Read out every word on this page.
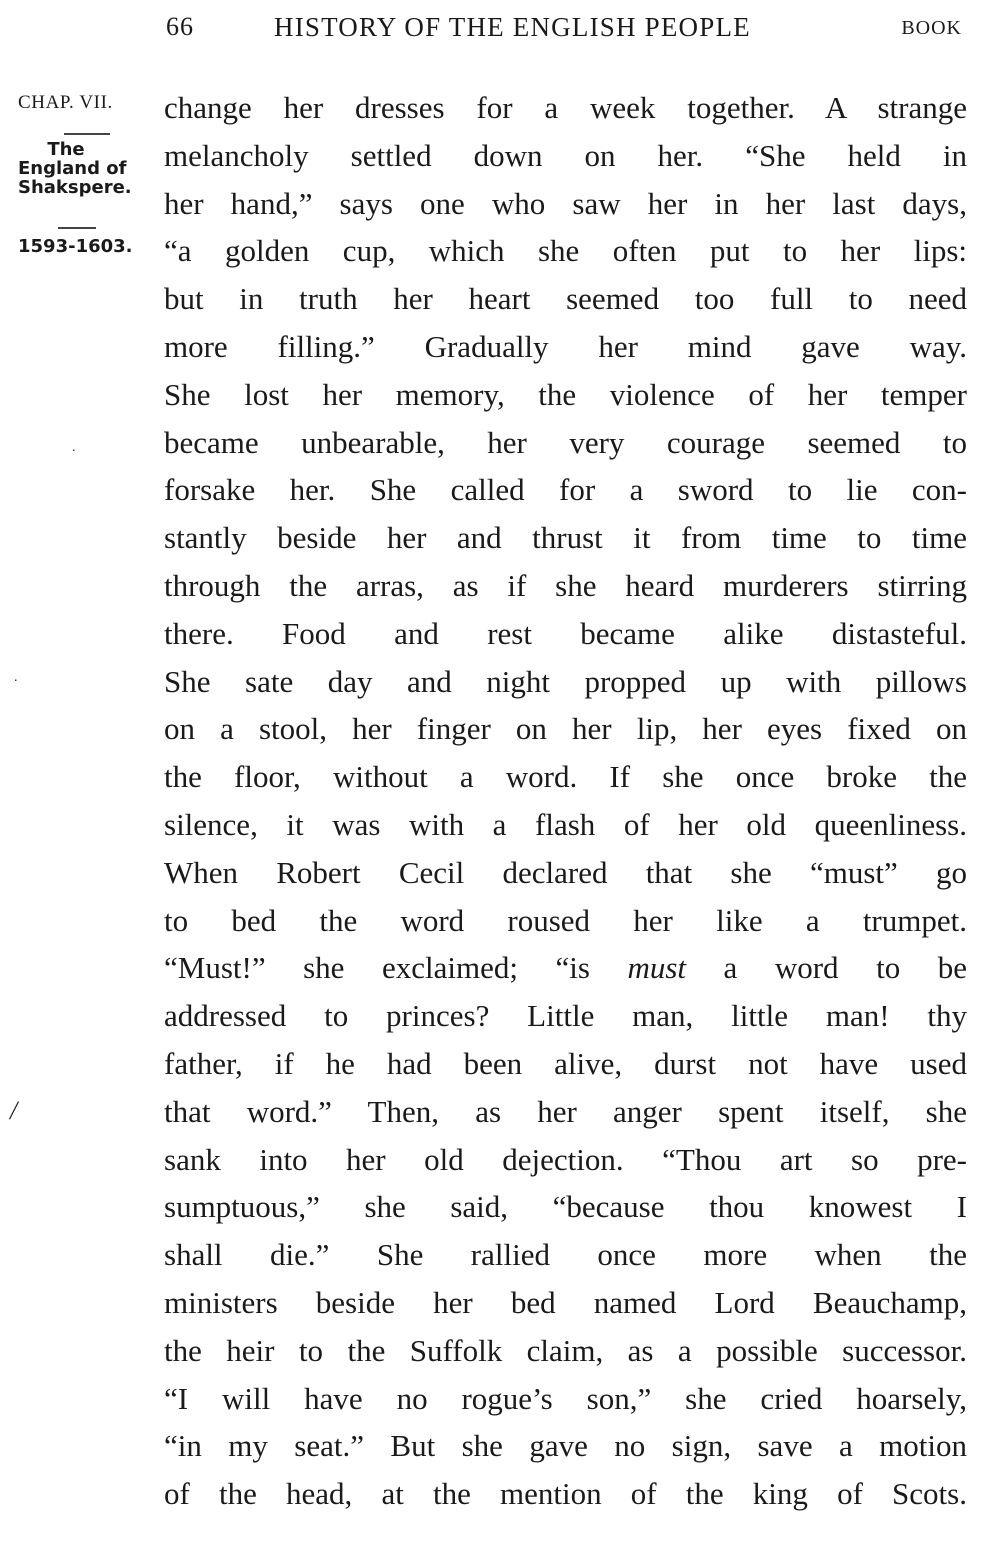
66	HISTORY OF THE ENGLISH PEOPLE	BOOK
CHAP. VII.
The
England of
Shakspere.
1593-1603.
.
.
/
change her dresses for a week together. A strange
melancholy settled down on her. “She held in
her hand,” says one who saw her in her last days,
“a golden cup, which she often put to her lips:
but in truth her heart seemed too full to need
more filling.” Gradually her mind gave way.
She lost her memory, the violence of her temper
became unbearable, her very courage seemed to
forsake her. She called for a sword to lie con-
stantly beside her and thrust it from time to time
through the arras, as if she heard murderers stirring
there. Food and rest became alike distasteful.
She sate day and night propped up with pillows
on a stool, her finger on her lip, her eyes fixed on
the floor, without a word. If she once broke the
silence, it was with a flash of her old queenliness.
When Robert Cecil declared that she “must” go
to bed the word roused her like a trumpet.
“Must!” she exclaimed; “is must a word to be
addressed to princes? Little man, little man! thy
father, if he had been alive, durst not have used
that word.” Then, as her anger spent itself, she
sank into her old dejection. “Thou art so pre-
sumptuous,” she said, “because thou knowest I
shall die.” She rallied once more when the
ministers beside her bed named Lord Beauchamp,
the heir to the Suffolk claim, as a possible successor.
“I will have no rogue’s son,” she cried hoarsely,
“in my seat.” But she gave no sign, save a motion
of the head, at the mention of the king of Scots.
